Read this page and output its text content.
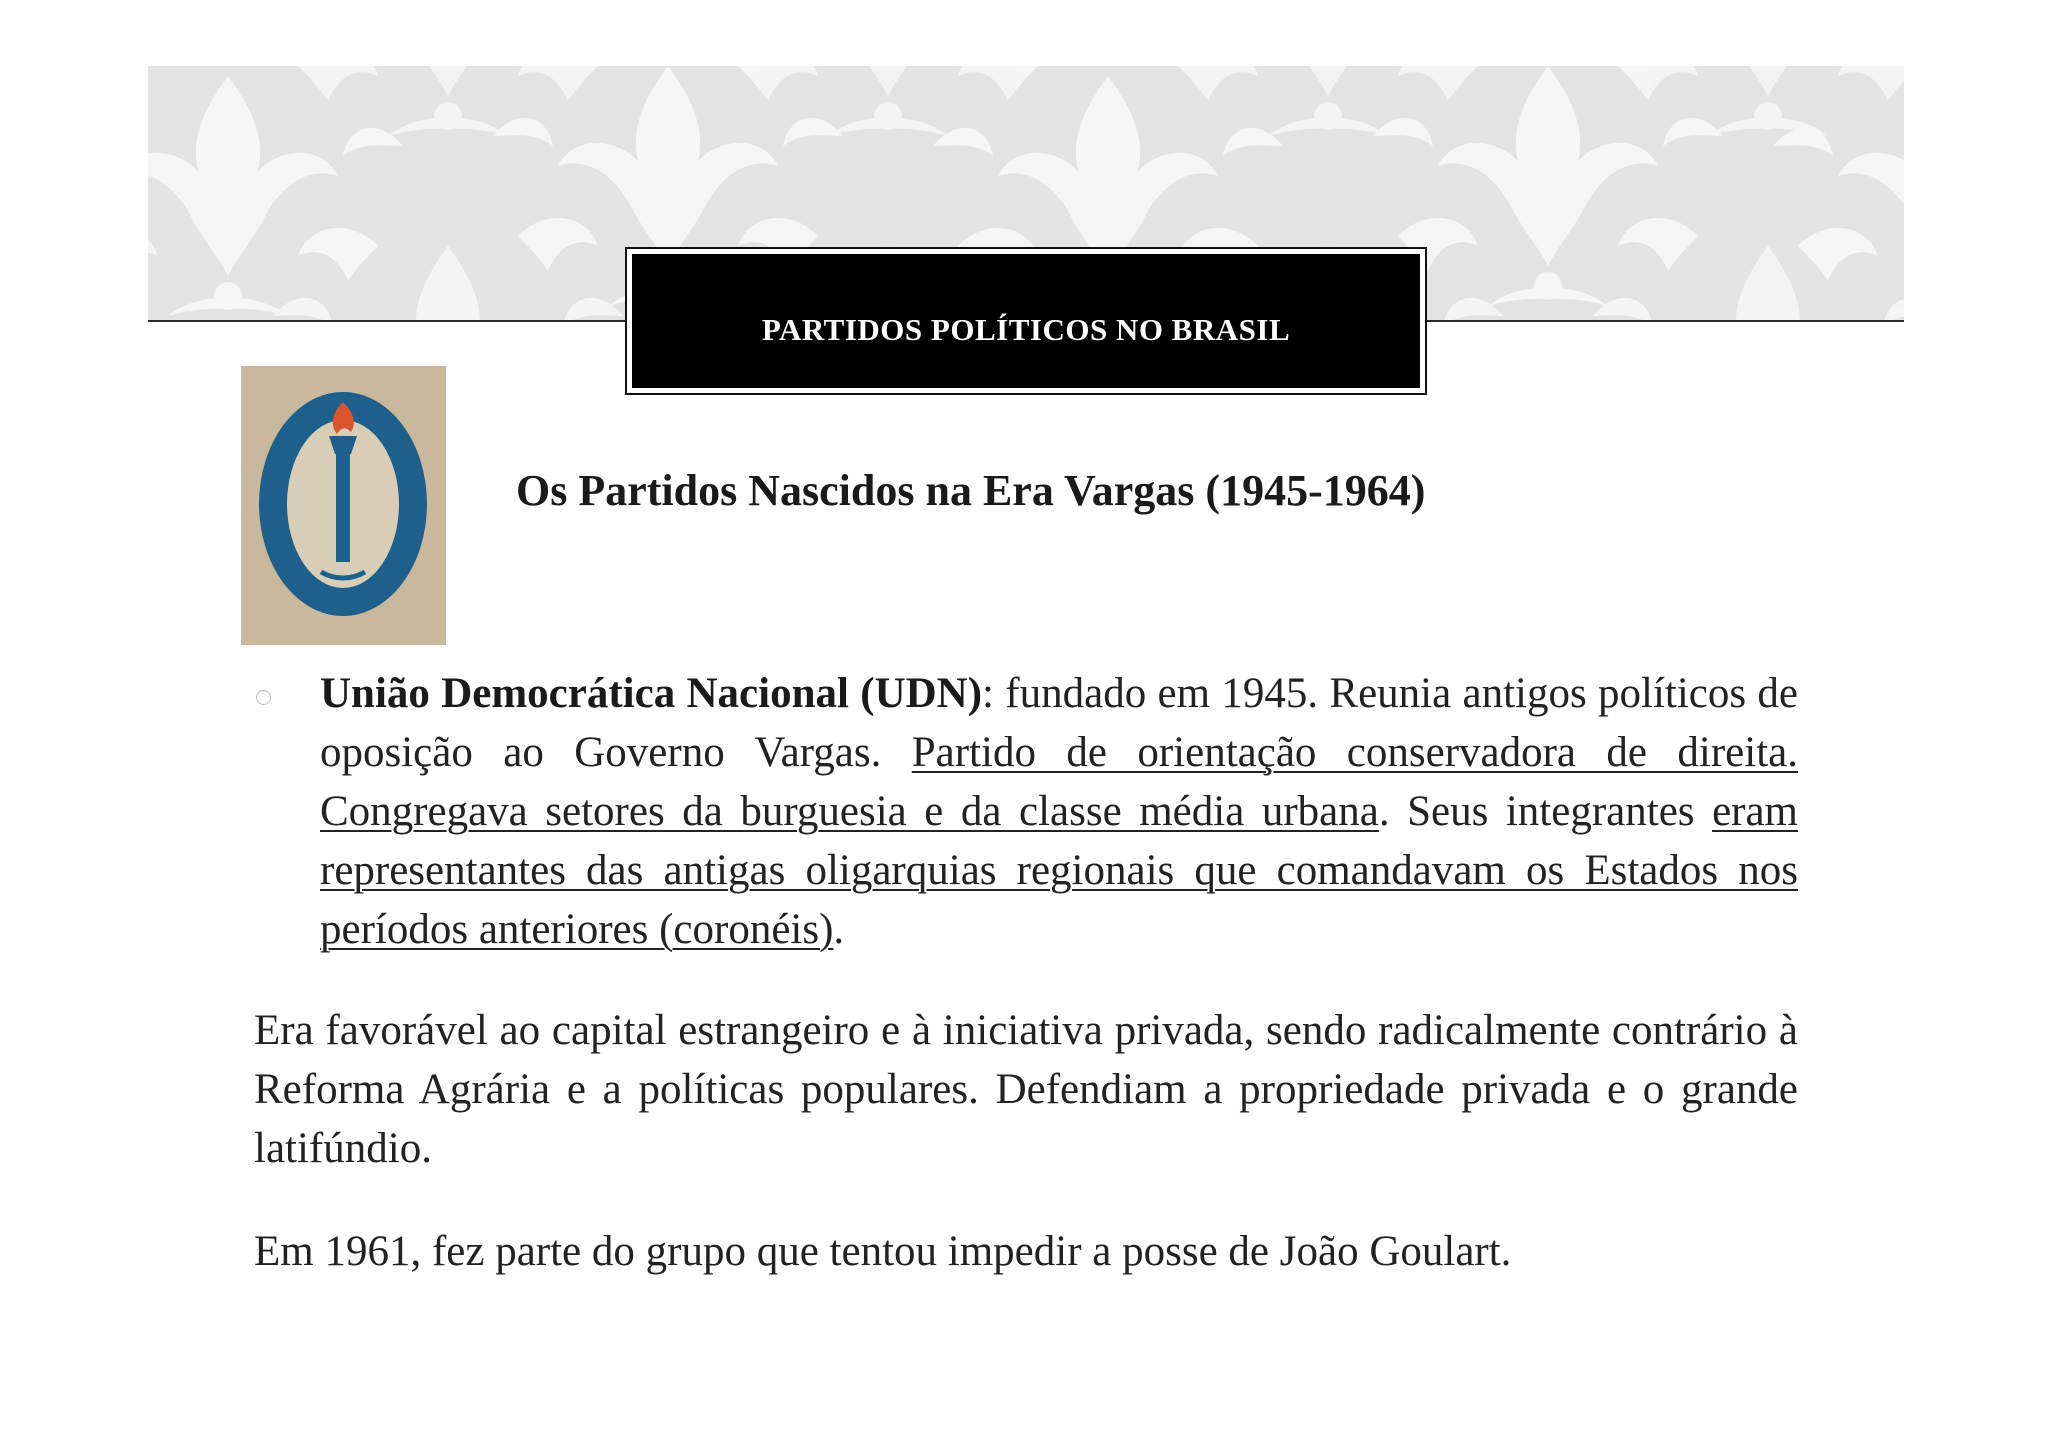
PARTIDOS POLÍTICOS NO BRASIL
Os Partidos Nascidos na Era Vargas (1945-1964)
União Democrática Nacional (UDN): fundado em 1945. Reunia antigos políticos de oposição ao Governo Vargas. Partido de orientação conservadora de direita. Congregava setores da burguesia e da classe média urbana. Seus integrantes eram representantes das antigas oligarquias regionais que comandavam os Estados nos períodos anteriores (coronéis).
Era favorável ao capital estrangeiro e à iniciativa privada, sendo radicalmente contrário à Reforma Agrária e a políticas populares. Defendiam a propriedade privada e o grande latifúndio.
Em 1961, fez parte do grupo que tentou impedir a posse de João Goulart.
